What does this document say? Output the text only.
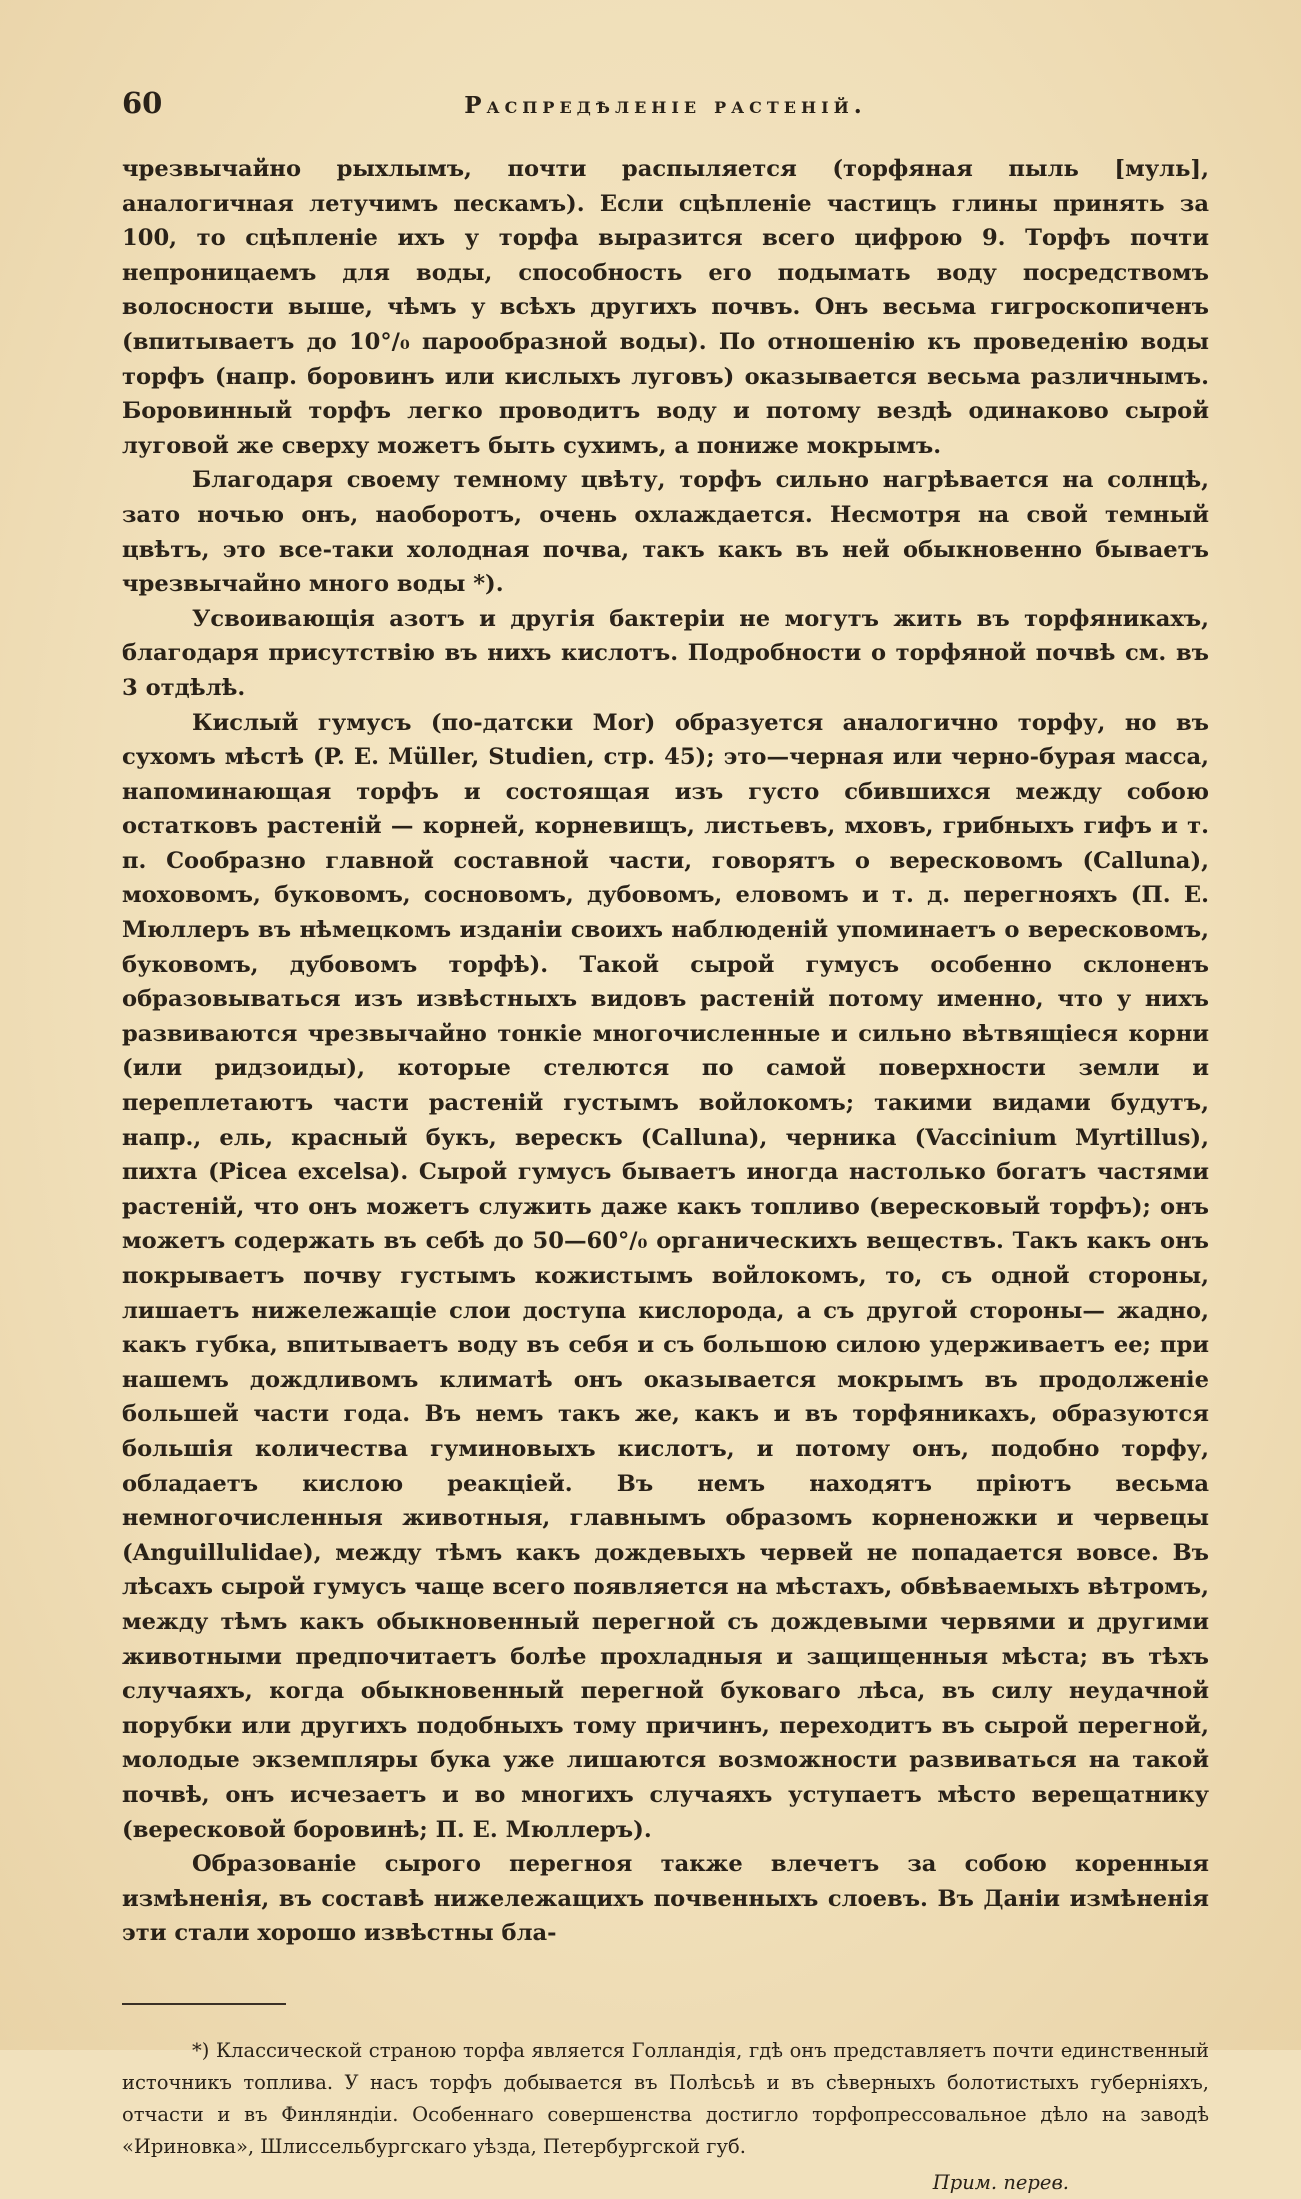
60	Распредѣленіе растеній.

чрезвычайно рыхлымъ, почти распыляется (торфяная пыль [муль], аналогичная летучимъ пескамъ). Если сцѣпленіе частицъ глины принять за 100, то сцѣпленіе ихъ у торфа выразится всего цифрою 9. Торфъ почти непроницаемъ для воды, способность его подымать воду посредствомъ волосности выше, чѣмъ у всѣхъ другихъ почвъ. Онъ весьма гигроскопиченъ (впитываетъ до 10°/₀ парообразной воды). По отношенію къ проведенію воды торфъ (напр. боровинъ или кислыхъ луговъ) оказывается весьма различнымъ. Боровинный торфъ легко проводитъ воду и потому вездѣ одинаково сырой луговой же сверху можетъ быть сухимъ, а пониже мокрымъ.

Благодаря своему темному цвѣту, торфъ сильно нагрѣвается на солнцѣ, зато ночью онъ, наоборотъ, очень охлаждается. Несмотря на свой темный цвѣтъ, это все-таки холодная почва, такъ какъ въ ней обыкновенно бываетъ чрезвычайно много воды *).

Усвоивающія азотъ и другія бактеріи не могутъ жить въ торфяникахъ, благодаря присутствію въ нихъ кислотъ. Подробности о торфяной почвѣ см. въ 3 отдѣлѣ.

Кислый гумусъ (по-датски Mor) образуется аналогично торфу, но въ сухомъ мѣстѣ (P. E. Müller, Studien, стр. 45); это—черная или черно-бурая масса, напоминающая торфъ и состоящая изъ густо сбившихся между собою остатковъ растеній — корней, корневищъ, листьевъ, мховъ, грибныхъ гифъ и т. п. Сообразно главной составной части, говорятъ о вересковомъ (Calluna), моховомъ, буковомъ, сосновомъ, дубовомъ, еловомъ и т. д. перегнояхъ (П. Е. Мюллеръ въ нѣмецкомъ изданіи своихъ наблюденій упоминаетъ о вересковомъ, буковомъ, дубовомъ торфѣ). Такой сырой гумусъ особенно склоненъ образовываться изъ извѣстныхъ видовъ растеній потому именно, что у нихъ развиваются чрезвычайно тонкіе многочисленные и сильно вѣтвящіеся корни (или ридзоиды), которые стелются по самой поверхности земли и переплетаютъ части растеній густымъ войлокомъ; такими видами будутъ, напр., ель, красный букъ, верескъ (Calluna), черника (Vaccinium Myrtillus), пихта (Picea excelsa). Сырой гумусъ бываетъ иногда настолько богатъ частями растеній, что онъ можетъ служить даже какъ топливо (вересковый торфъ); онъ можетъ содержать въ себѣ до 50—60°/₀ органическихъ веществъ. Такъ какъ онъ покрываетъ почву густымъ кожистымъ войлокомъ, то, съ одной стороны, лишаетъ нижележащіе слои доступа кислорода, а съ другой стороны— жадно, какъ губка, впитываетъ воду въ себя и съ большою силою удерживаетъ ее; при нашемъ дождливомъ климатѣ онъ оказывается мокрымъ въ продолженіе большей части года. Въ немъ такъ же, какъ и въ торфяникахъ, образуются большія количества гуминовыхъ кислотъ, и потому онъ, подобно торфу, обладаетъ кислою реакціей. Въ немъ находятъ пріютъ весьма немногочисленныя животныя, главнымъ образомъ корненожки и червецы (Anguillulidae), между тѣмъ какъ дождевыхъ червей не попадается вовсе. Въ лѣсахъ сырой гумусъ чаще всего появляется на мѣстахъ, обвѣваемыхъ вѣтромъ, между тѣмъ какъ обыкновенный перегной съ дождевыми червями и другими животными предпочитаетъ болѣе прохладныя и защищенныя мѣста; въ тѣхъ случаяхъ, когда обыкновенный перегной буковаго лѣса, въ силу неудачной порубки или другихъ подобныхъ тому причинъ, переходитъ въ сырой перегной, молодые экземпляры бука уже лишаются возможности развиваться на такой почвѣ, онъ исчезаетъ и во многихъ случаяхъ уступаетъ мѣсто верещатнику (вересковой боровинѣ; П. Е. Мюллеръ).

Образованіе сырого перегноя также влечетъ за собою коренныя измѣненія, въ составѣ нижележащихъ почвенныхъ слоевъ. Въ Даніи измѣненія эти стали хорошо извѣстны бла-

*) Классической страною торфа является Голландія, гдѣ онъ представляетъ почти единственный источникъ топлива. У насъ торфъ добывается въ Полѣсьѣ и въ сѣверныхъ болотистыхъ губерніяхъ, отчасти и въ Финляндіи. Особеннаго совершенства достигло торфопрессовальное дѣло на заводѣ «Ириновка», Шлиссельбургскаго уѣзда, Петербургской губ.

Прим. перев.
